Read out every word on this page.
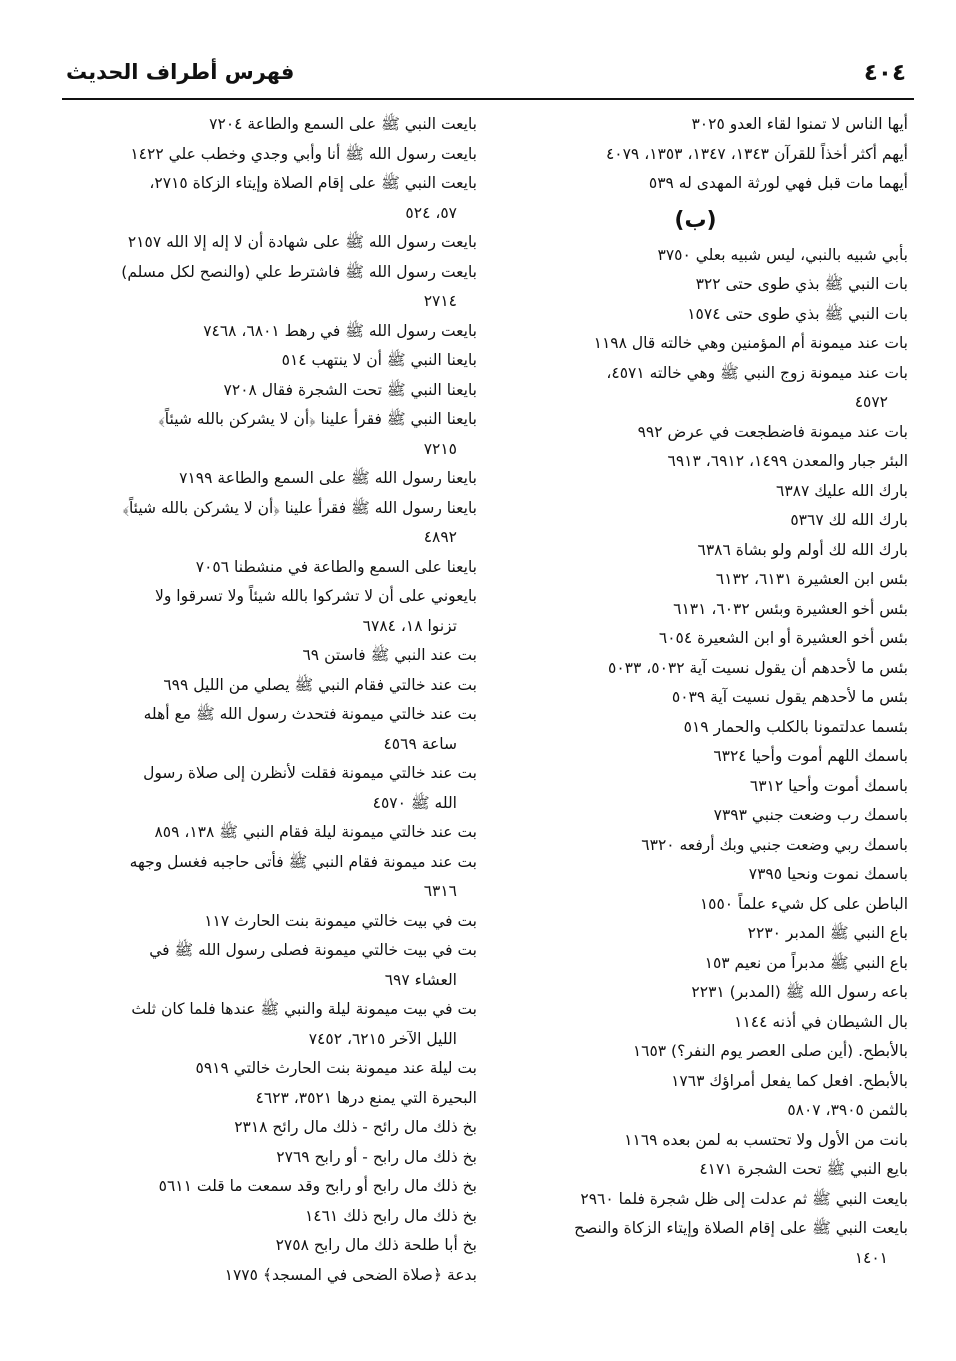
٤٠٤
فهرس أطراف الحديث

أيها الناس لا تمنوا لقاء العدو ٣٠٢٥

أيهم أكثر أخذاً للقرآن ١٣٤٣، ١٣٤٧، ١٣٥٣، ٤٠٧٩

أيهما مات قبل فهي لورثة المهدى له ٥٣٩

(ب)

بأبي شبيه بالنبي، ليس شبيه بعلي ٣٧٥٠

بات النبي ﷺ بذي طوى حتى ٣٢٢

بات النبي ﷺ بذي طوى حتى ١٥٧٤

بات عند ميمونة أم المؤمنين وهي خالته قال ١١٩٨

بات عند ميمونة زوج النبي ﷺ وهي خالته ٤٥٧١،
٤٥٧٢

بات عند ميمونة فاضطجعت في عرض ٩٩٢

البئر جبار والمعدن ١٤٩٩، ٦٩١٢، ٦٩١٣

بارك الله عليك ٦٣٨٧

بارك الله لك ٥٣٦٧

بارك الله لك أولم ولو بشاة ٦٣٨٦

بئس ابن العشيرة ٦١٣١، ٦١٣٢

بئس أخو العشيرة وبئس ٦٠٣٢، ٦١٣١

بئس أخو العشيرة أو ابن الشعيرة ٦٠٥٤

بئس ما لأحدهم أن يقول نسيت آية ٥٠٣٢، ٥٠٣٣

بئس ما لأحدهم يقول نسيت آية ٥٠٣٩

بئسما عدلتمونا بالكلب والحمار ٥١٩

باسمك اللهم أموت وأحيا ٦٣٢٤

باسمك أموت وأحيا ٦٣١٢

باسمك رب وضعت جنبي ٧٣٩٣

باسمك ربي وضعت جنبي وبك أرفعه ٦٣٢٠

باسمك نموت ونحيا ٧٣٩٥

الباطن على كل شيء علماً ١٥٥٠

باع النبي ﷺ المدبر ٢٢٣٠

باع النبي ﷺ مدبراً من نعيم ١٥٣

باعه رسول الله ﷺ (المدبر) ٢٢٣١

بال الشيطان في أذنه ١١٤٤

بالأبطح. (أين صلى العصر يوم النفر؟) ١٦٥٣

بالأبطح. افعل كما يفعل أمراؤك ١٧٦٣

بالثمن ٣٩٠٥، ٥٨٠٧

بانت من الأول ولا تحتسب به لمن بعده ١١٦٩

بايع النبي ﷺ تحت الشجرة ٤١٧١

بايعت النبي ﷺ ثم عدلت إلى ظل شجرة فلما ٢٩٦٠

بايعت النبي ﷺ على إقام الصلاة وإيتاء الزكاة والنصح
١٤٠١

بايعت النبي ﷺ على السمع والطاعة ٧٢٠٤

بايعت رسول الله ﷺ أنا وأبي وجدي وخطب علي ١٤٢٢

بايعت النبي ﷺ على إقام الصلاة وإيتاء الزكاة ٢٧١٥،
٥٧، ٥٢٤

بايعت رسول الله ﷺ على شهادة أن لا إله إلا الله ٢١٥٧

بايعت رسول الله ﷺ فاشترط علي (والنصح لكل مسلم)
٢٧١٤

بايعت رسول الله ﷺ في رهط ٦٨٠١، ٧٤٦٨

بايعنا النبي ﷺ أن لا ينتهب ٥١٤

بايعنا النبي ﷺ تحت الشجرة فقال ٧٢٠٨

بايعنا النبي ﷺ فقرأ علينا ﴿أن لا يشركن بالله شيئاً﴾
٧٢١٥

بايعنا رسول الله ﷺ على السمع والطاعة ٧١٩٩

بايعنا رسول الله ﷺ فقرأ علينا ﴿أن لا يشركن بالله شيئاً﴾
٤٨٩٢

بايعنا على السمع والطاعة في منشطنا ٧٠٥٦

بايعوني على أن لا تشركوا بالله شيئاً ولا تسرقوا ولا
تزنوا ١٨، ٦٧٨٤

بت عند النبي ﷺ فاستن ٦٩

بت عند خالتي فقام النبي ﷺ يصلي من الليل ٦٩٩

بت عند خالتي ميمونة فتحدث رسول الله ﷺ مع أهله
ساعة ٤٥٦٩

بت عند خالتي ميمونة فقلت لأنظرن إلى صلاة رسول
الله ﷺ ٤٥٧٠

بت عند خالتي ميمونة ليلة فقام النبي ﷺ ١٣٨، ٨٥٩

بت عند ميمونة فقام النبي ﷺ فأتى حاجبه فغسل وجهه
٦٣١٦

بت في بيت خالتي ميمونة بنت الحارث ١١٧

بت في بيت خالتي ميمونة فصلى رسول الله ﷺ في
العشاء ٦٩٧

بت في بيت ميمونة ليلة والنبي ﷺ عندها فلما كان ثلث
الليل الآخر ٦٢١٥، ٧٤٥٢

بت ليلة عند ميمونة بنت الحارث خالتي ٥٩١٩

البحيرة التي يمنع درها ٣٥٢١، ٤٦٢٣

بخ ذلك مال رائح - ذلك مال رائح ٢٣١٨

بخ ذلك مال رابح - أو رابح ٢٧٦٩

بخ ذلك مال رابح أو رابح وقد سمعت ما قلت ٥٦١١

بخ ذلك مال رابح ذلك ١٤٦١

بخ أبا طلحة ذلك مال رابح ٢٧٥٨

بدعة ﴿صلاة الضحى في المسجد﴾ ١٧٧٥
